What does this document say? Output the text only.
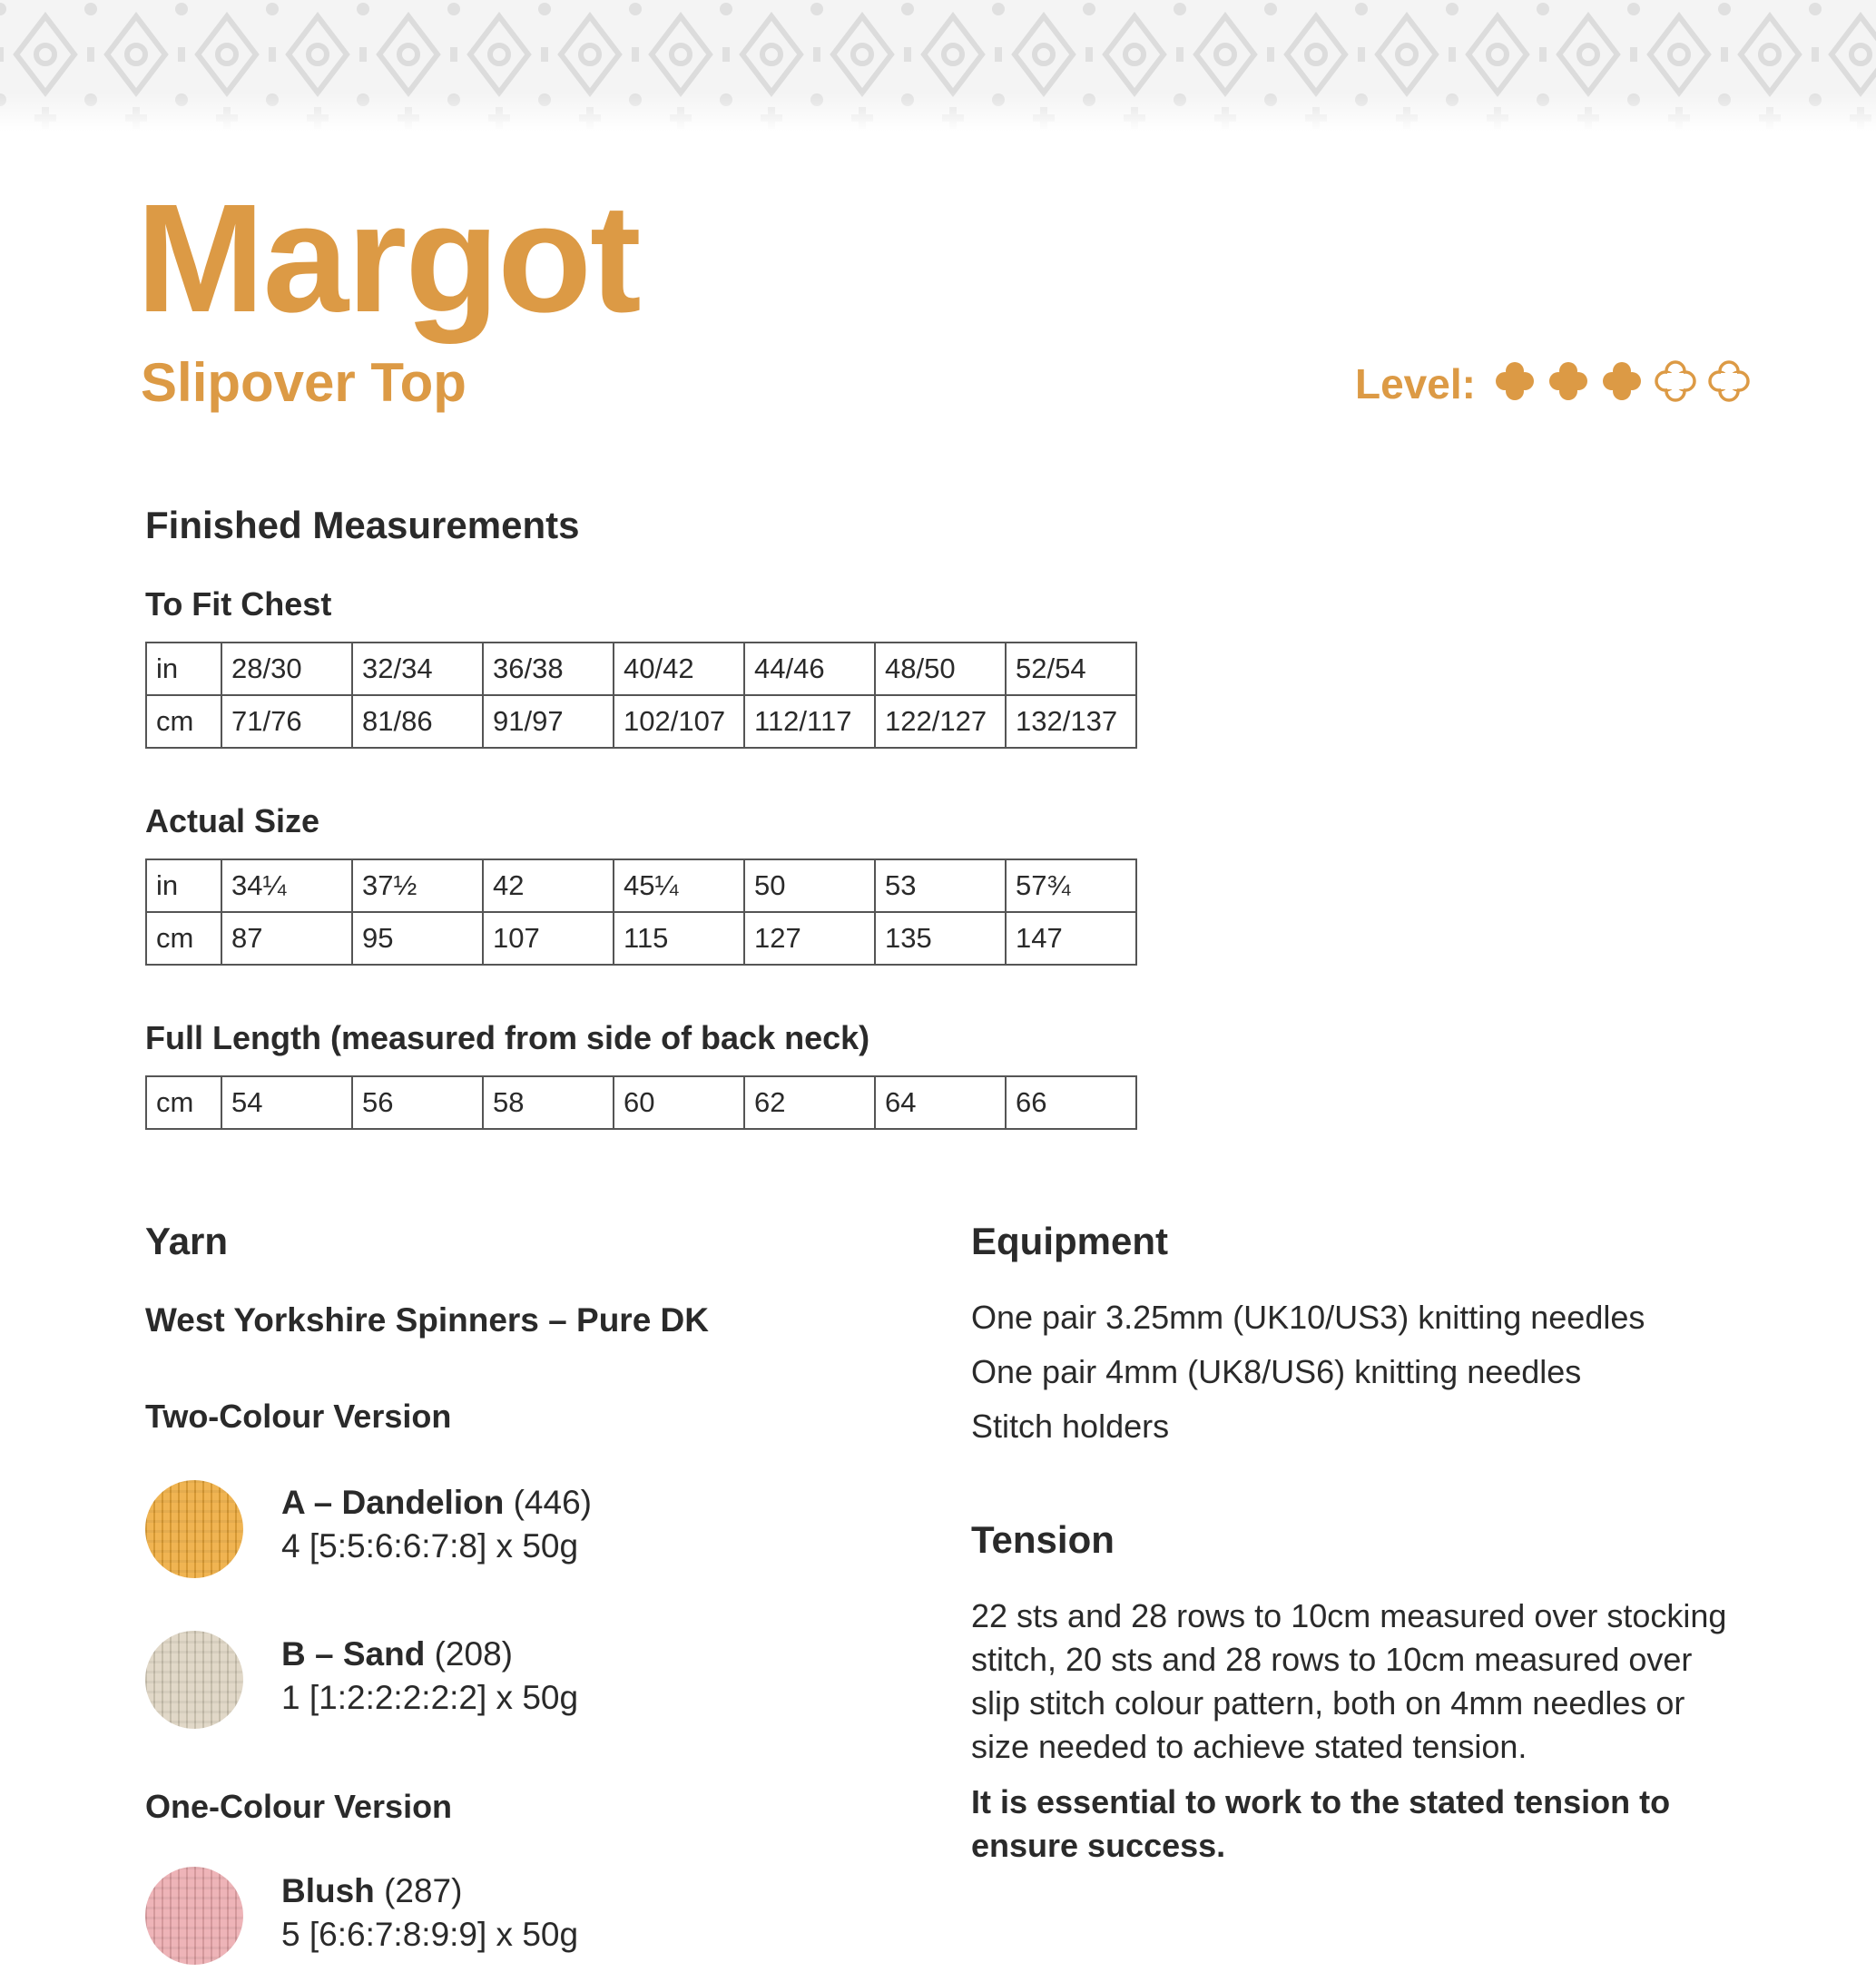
Margot
Slipover Top	Level:
Finished Measurements
To Fit Chest
in	28/30	32/34	36/38	40/42	44/46	48/50	52/54
cm	71/76	81/86	91/97	102/107	112/117	122/127	132/137
Actual Size
in	34¼	37½	42	45¼	50	53	57¾
cm	87	95	107	115	127	135	147
Full Length (measured from side of back neck)
cm	54	56	58	60	62	64	66
Yarn
West Yorkshire Spinners – Pure DK
Two-Colour Version
A – Dandelion (446)
4 [5:5:6:6:7:8] x 50g
B – Sand (208)
1 [1:2:2:2:2:2] x 50g
One-Colour Version
Blush (287)
5 [6:6:7:8:9:9] x 50g
Equipment
One pair 3.25mm (UK10/US3) knitting needles
One pair 4mm (UK8/US6) knitting needles
Stitch holders
Tension
22 sts and 28 rows to 10cm measured over stocking
stitch, 20 sts and 28 rows to 10cm measured over
slip stitch colour pattern, both on 4mm needles or
size needed to achieve stated tension.
It is essential to work to the stated tension to
ensure success.
